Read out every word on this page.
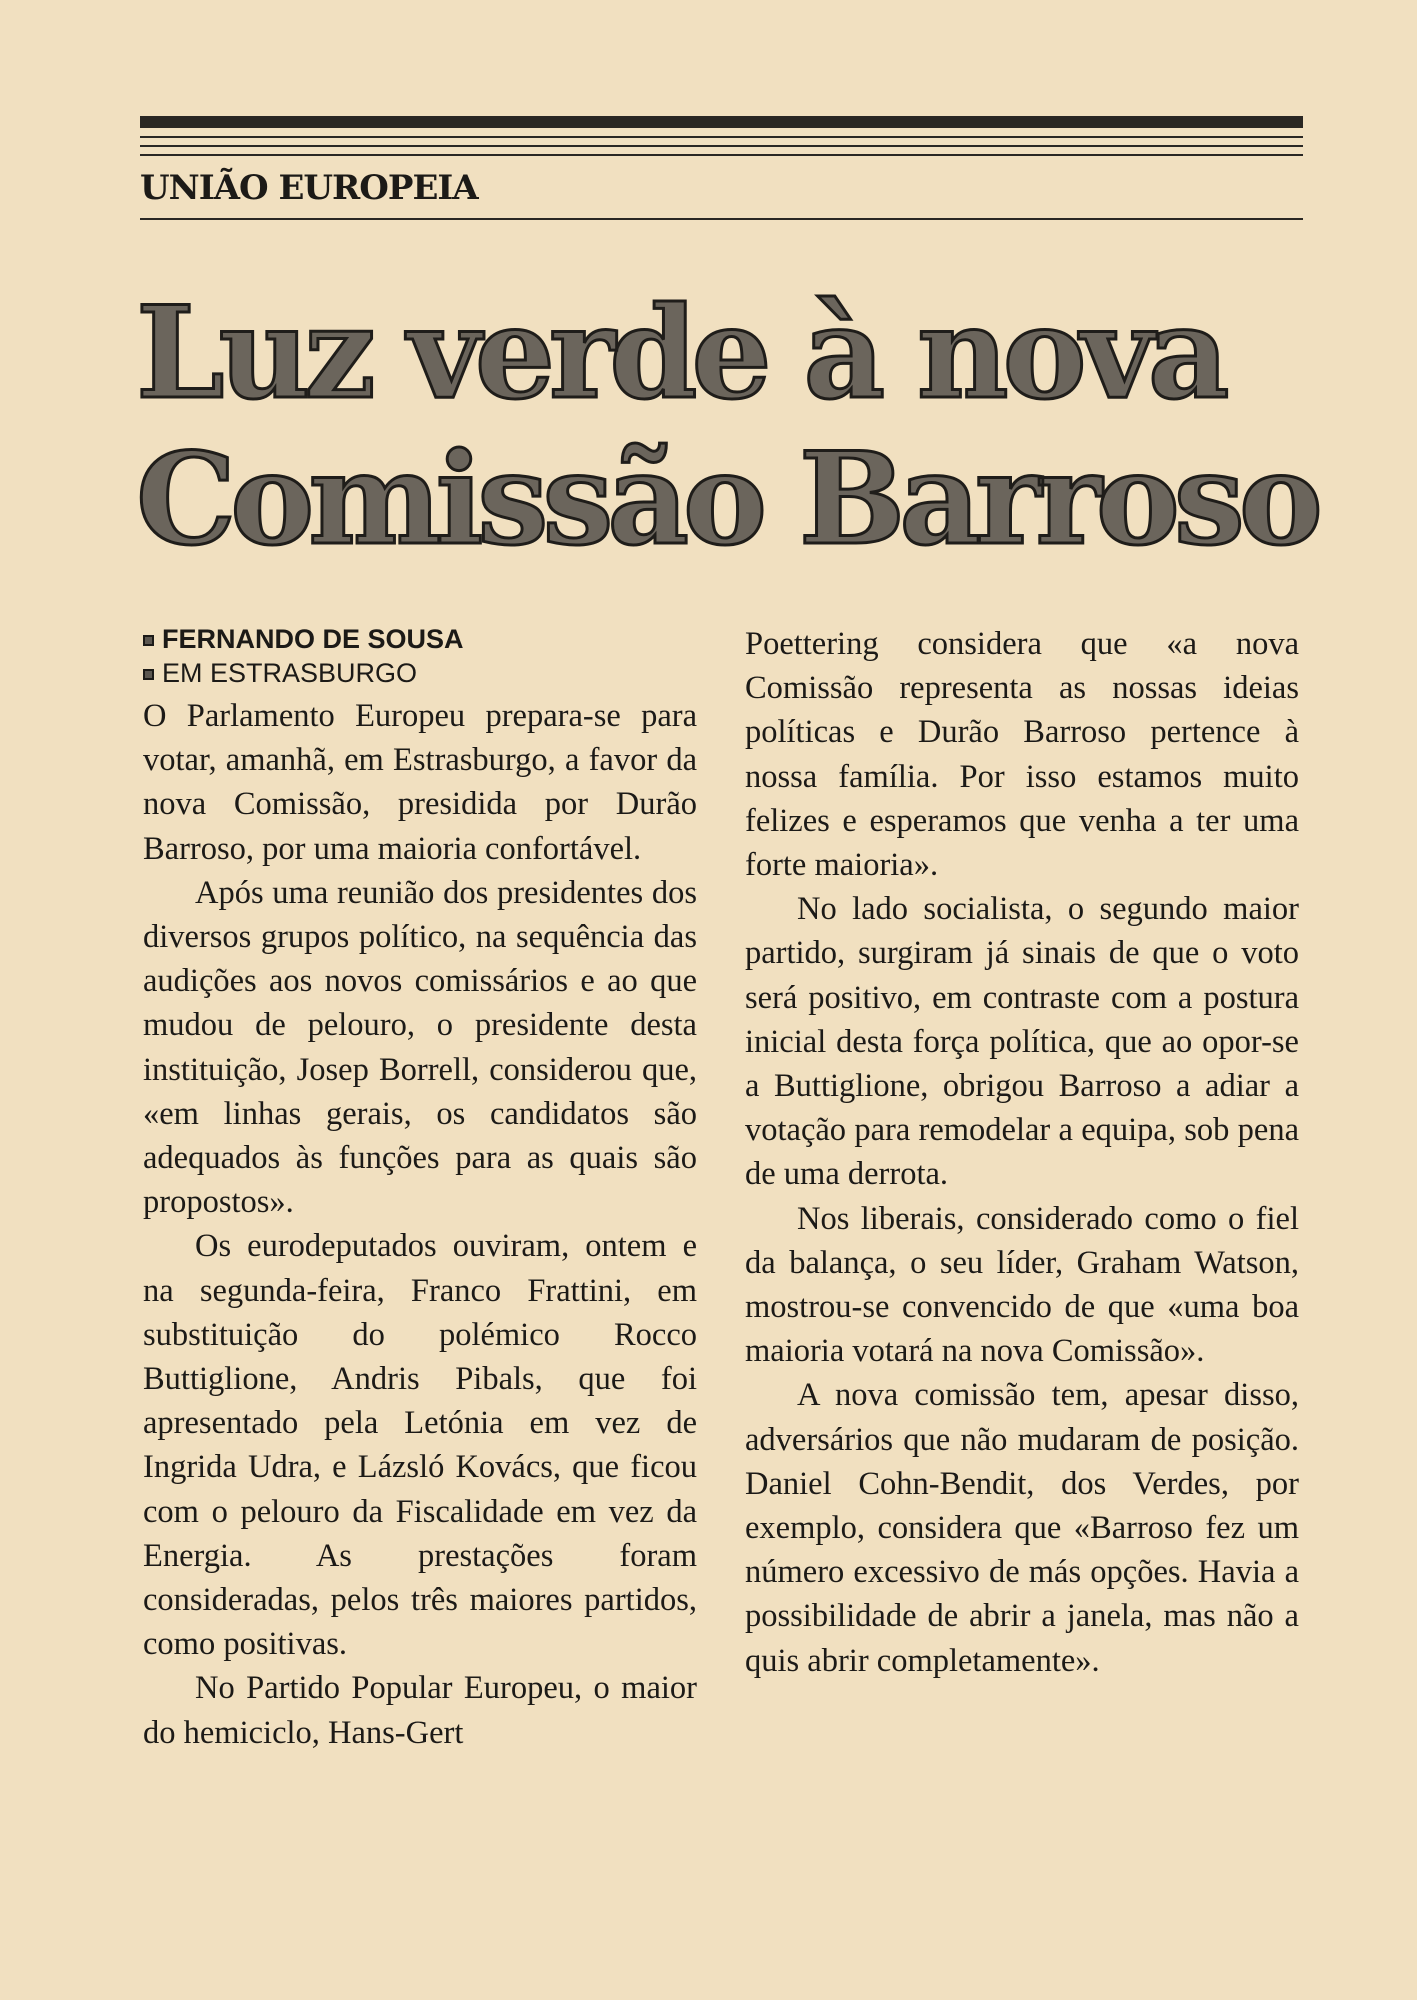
UNIÃO EUROPEIA
Luz verde à nova
Comissão Barroso
FERNANDO DE SOUSA
EM ESTRASBURGO

O Parlamento Europeu prepara-se para votar, amanhã, em Estrasburgo, a favor da nova Comissão, presidida por Durão Barroso, por uma maioria confortável.

Após uma reunião dos presidentes dos diversos grupos político, na sequência das audições aos novos comissários e ao que mudou de pelouro, o presidente desta instituição, Josep Borrell, considerou que, «em linhas gerais, os candidatos são adequados às funções para as quais são propostos».

Os eurodeputados ouviram, ontem e na segunda-feira, Franco Frattini, em substituição do polémico Rocco Buttiglione, Andris Pibals, que foi apresentado pela Letónia em vez de Ingrida Udra, e Lázsló Kovács, que ficou com o pelouro da Fiscalidade em vez da Energia. As prestações foram consideradas, pelos três maiores partidos, como positivas.

No Partido Popular Europeu, o maior do hemiciclo, Hans-Gert

Poettering considera que «a nova Comissão representa as nossas ideias políticas e Durão Barroso pertence à nossa família. Por isso estamos muito felizes e esperamos que venha a ter uma forte maioria».

No lado socialista, o segundo maior partido, surgiram já sinais de que o voto será positivo, em contraste com a postura inicial desta força política, que ao opor-se a Buttiglione, obrigou Barroso a adiar a votação para remodelar a equipa, sob pena de uma derrota.

Nos liberais, considerado como o fiel da balança, o seu líder, Graham Watson, mostrou-se convencido de que «uma boa maioria votará na nova Comissão».

A nova comissão tem, apesar disso, adversários que não mudaram de posição. Daniel Cohn-Bendit, dos Verdes, por exemplo, considera que «Barroso fez um número excessivo de más opções. Havia a possibilidade de abrir a janela, mas não a quis abrir completamente».
